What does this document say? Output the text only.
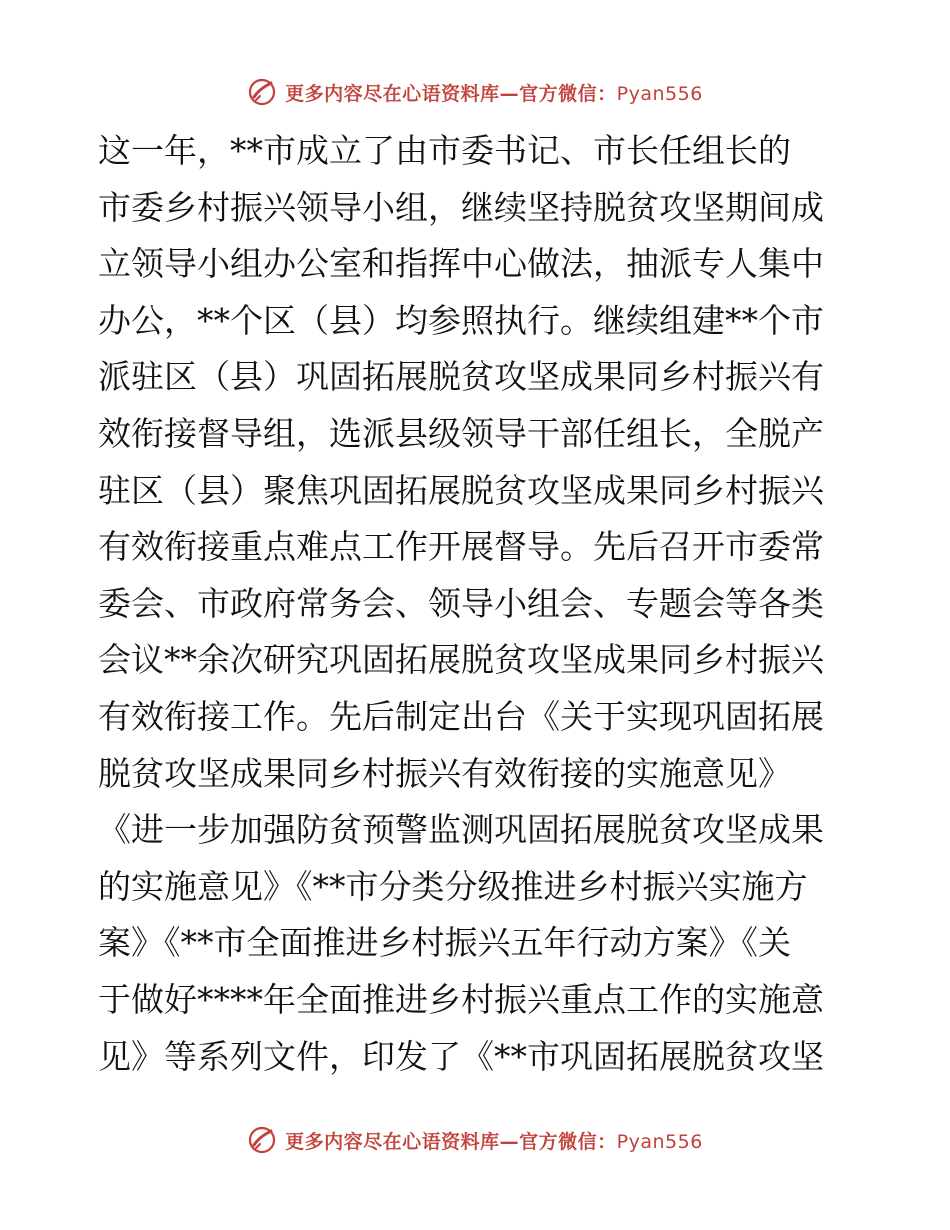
更多内容尽在心语资料库—官方微信：Pyan556
这一年，**市成立了由市委书记、市长任组长的
市委乡村振兴领导小组，继续坚持脱贫攻坚期间成
立领导小组办公室和指挥中心做法，抽派专人集中
办公，**个区（县）均参照执行。继续组建**个市
派驻区（县）巩固拓展脱贫攻坚成果同乡村振兴有
效衔接督导组，选派县级领导干部任组长，全脱产
驻区（县）聚焦巩固拓展脱贫攻坚成果同乡村振兴
有效衔接重点难点工作开展督导。先后召开市委常
委会、市政府常务会、领导小组会、专题会等各类
会议**余次研究巩固拓展脱贫攻坚成果同乡村振兴
有效衔接工作。先后制定出台《关于实现巩固拓展
脱贫攻坚成果同乡村振兴有效衔接的实施意见》
《进一步加强防贫预警监测巩固拓展脱贫攻坚成果
的实施意见》《**市分类分级推进乡村振兴实施方
案》《**市全面推进乡村振兴五年行动方案》《关
于做好****年全面推进乡村振兴重点工作的实施意
见》等系列文件，印发了《**市巩固拓展脱贫攻坚
更多内容尽在心语资料库—官方微信：Pyan556
